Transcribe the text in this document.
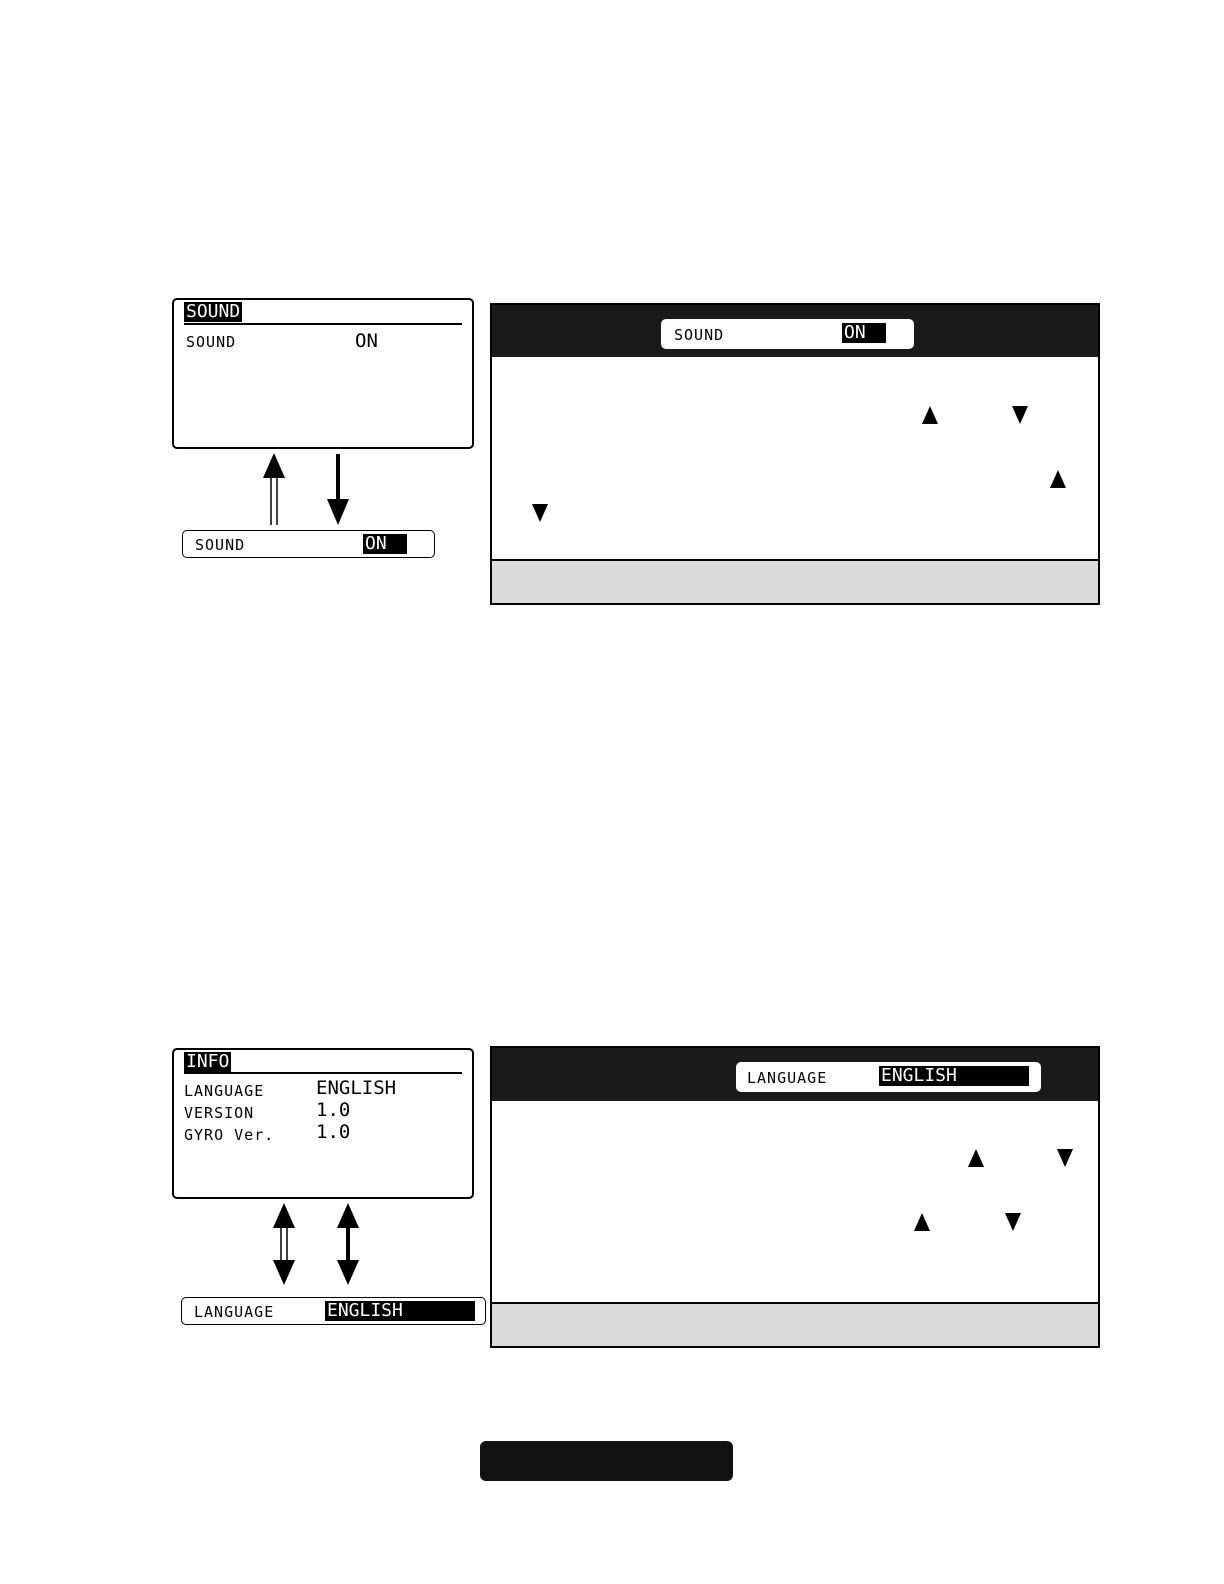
SOUND
SOUND	ON
SOUND	ON
SOUND	ON
INFO
LANGUAGE	ENGLISH
VERSION	1.0
GYRO Ver. 1.0
LANGUAGE	ENGLISH
LANGUAGE	ENGLISH
